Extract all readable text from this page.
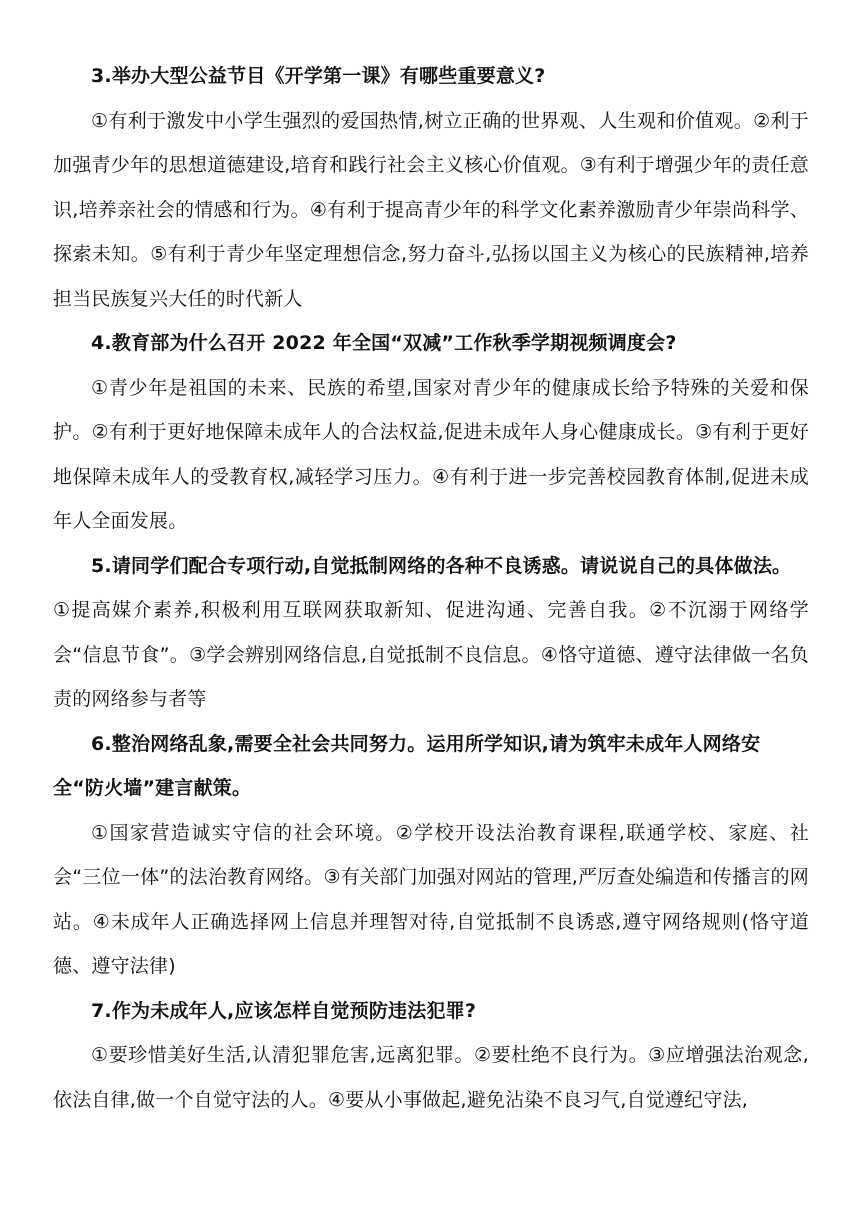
3.举办大型公益节目《开学第一课》有哪些重要意义?

①有利于激发中小学生强烈的爱国热情,树立正确的世界观、人生观和价值观。②利于加强青少年的思想道德建设,培育和践行社会主义核心价值观。③有利于增强少年的责任意识,培养亲社会的情感和行为。④有利于提高青少年的科学文化素养激励青少年崇尚科学、探索未知。⑤有利于青少年坚定理想信念,努力奋斗,弘扬以国主义为核心的民族精神,培养担当民族复兴大任的时代新人

4.教育部为什么召开 2022 年全国“双减”工作秋季学期视频调度会?

①青少年是祖国的未来、民族的希望,国家对青少年的健康成长给予特殊的关爱和保护。②有利于更好地保障未成年人的合法权益,促进未成年人身心健康成长。③有利于更好地保障未成年人的受教育权,减轻学习压力。④有利于进一步完善校园教育体制,促进未成年人全面发展。

5.请同学们配合专项行动,自觉抵制网络的各种不良诱惑。请说说自己的具体做法。

①提高媒介素养,积极利用互联网获取新知、促进沟通、完善自我。②不沉溺于网络学会“信息节食”。③学会辨别网络信息,自觉抵制不良信息。④恪守道德、遵守法律做一名负责的网络参与者等

6.整治网络乱象,需要全社会共同努力。运用所学知识,请为筑牢未成年人网络安全“防火墙”建言献策。

①国家营造诚实守信的社会环境。②学校开设法治教育课程,联通学校、家庭、社会“三位一体”的法治教育网络。③有关部门加强对网站的管理,严厉查处编造和传播言的网站。④未成年人正确选择网上信息并理智对待,自觉抵制不良诱惑,遵守网络规则(恪守道德、遵守法律)

7.作为未成年人,应该怎样自觉预防违法犯罪?

①要珍惜美好生活,认清犯罪危害,远离犯罪。②要杜绝不良行为。③应增强法治观念,依法自律,做一个自觉守法的人。④要从小事做起,避免沾染不良习气,自觉遵纪守法,
